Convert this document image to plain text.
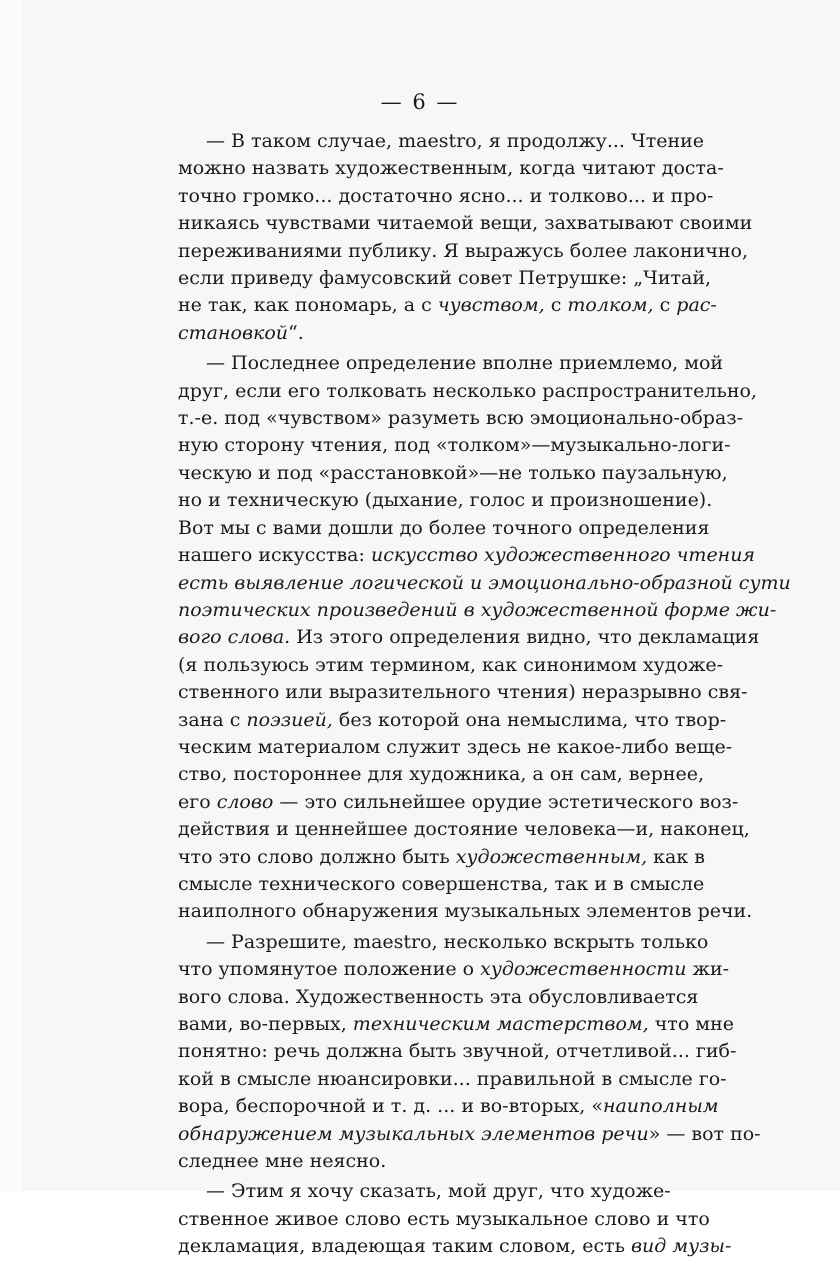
— 6 —
— В таком случае, maestro, я продолжу... Чтение
можно назвать художественным, когда читают доста-
точно громко... достаточно ясно... и толково... и про-
никаясь чувствами читаемой вещи, захватывают своими
переживаниями публику. Я выражусь более лаконично,
если приведу фамусовский совет Петрушке: „Читай,
не так, как пономарь, а с чувством, с толком, с рас-
становкой“.
— Последнее определение вполне приемлемо, мой
друг, если его толковать несколько распространительно,
т.-е. под «чувством» разуметь всю эмоционально-образ-
ную сторону чтения, под «толком»—музыкально-логи-
ческую и под «расстановкой»—не только паузальную,
но и техническую (дыхание, голос и произношение).
Вот мы с вами дошли до более точного определения
нашего искусства: искусство художественного чтения
есть выявление логической и эмоционально-образной сути
поэтических произведений в художественной форме жи-
вого слова. Из этого определения видно, что декламация
(я пользуюсь этим термином, как синонимом художе-
ственного или выразительного чтения) неразрывно свя-
зана с поэзией, без которой она немыслима, что твор-
ческим материалом служит здесь не какое-либо веще-
ство, постороннее для художника, а он сам, вернее,
его слово — это сильнейшее орудие эстетического воз-
действия и ценнейшее достояние человека—и, наконец,
что это слово должно быть художественным, как в
смысле технического совершенства, так и в смысле
наиполного обнаружения музыкальных элементов речи.
— Разрешите, maestro, несколько вскрыть только
что упомянутое положение о художественности жи-
вого слова. Художественность эта обусловливается
вами, во-первых, техническим мастерством, что мне
понятно: речь должна быть звучной, отчетливой... гиб-
кой в смысле нюансировки... правильной в смысле го-
вора, беспорочной и т. д. ... и во-вторых, «наиполным
обнаружением музыкальных элементов речи» — вот по-
следнее мне неясно.
— Этим я хочу сказать, мой друг, что художе-
ственное живое слово есть музыкальное слово и что
декламация, владеющая таким словом, есть вид музы-
